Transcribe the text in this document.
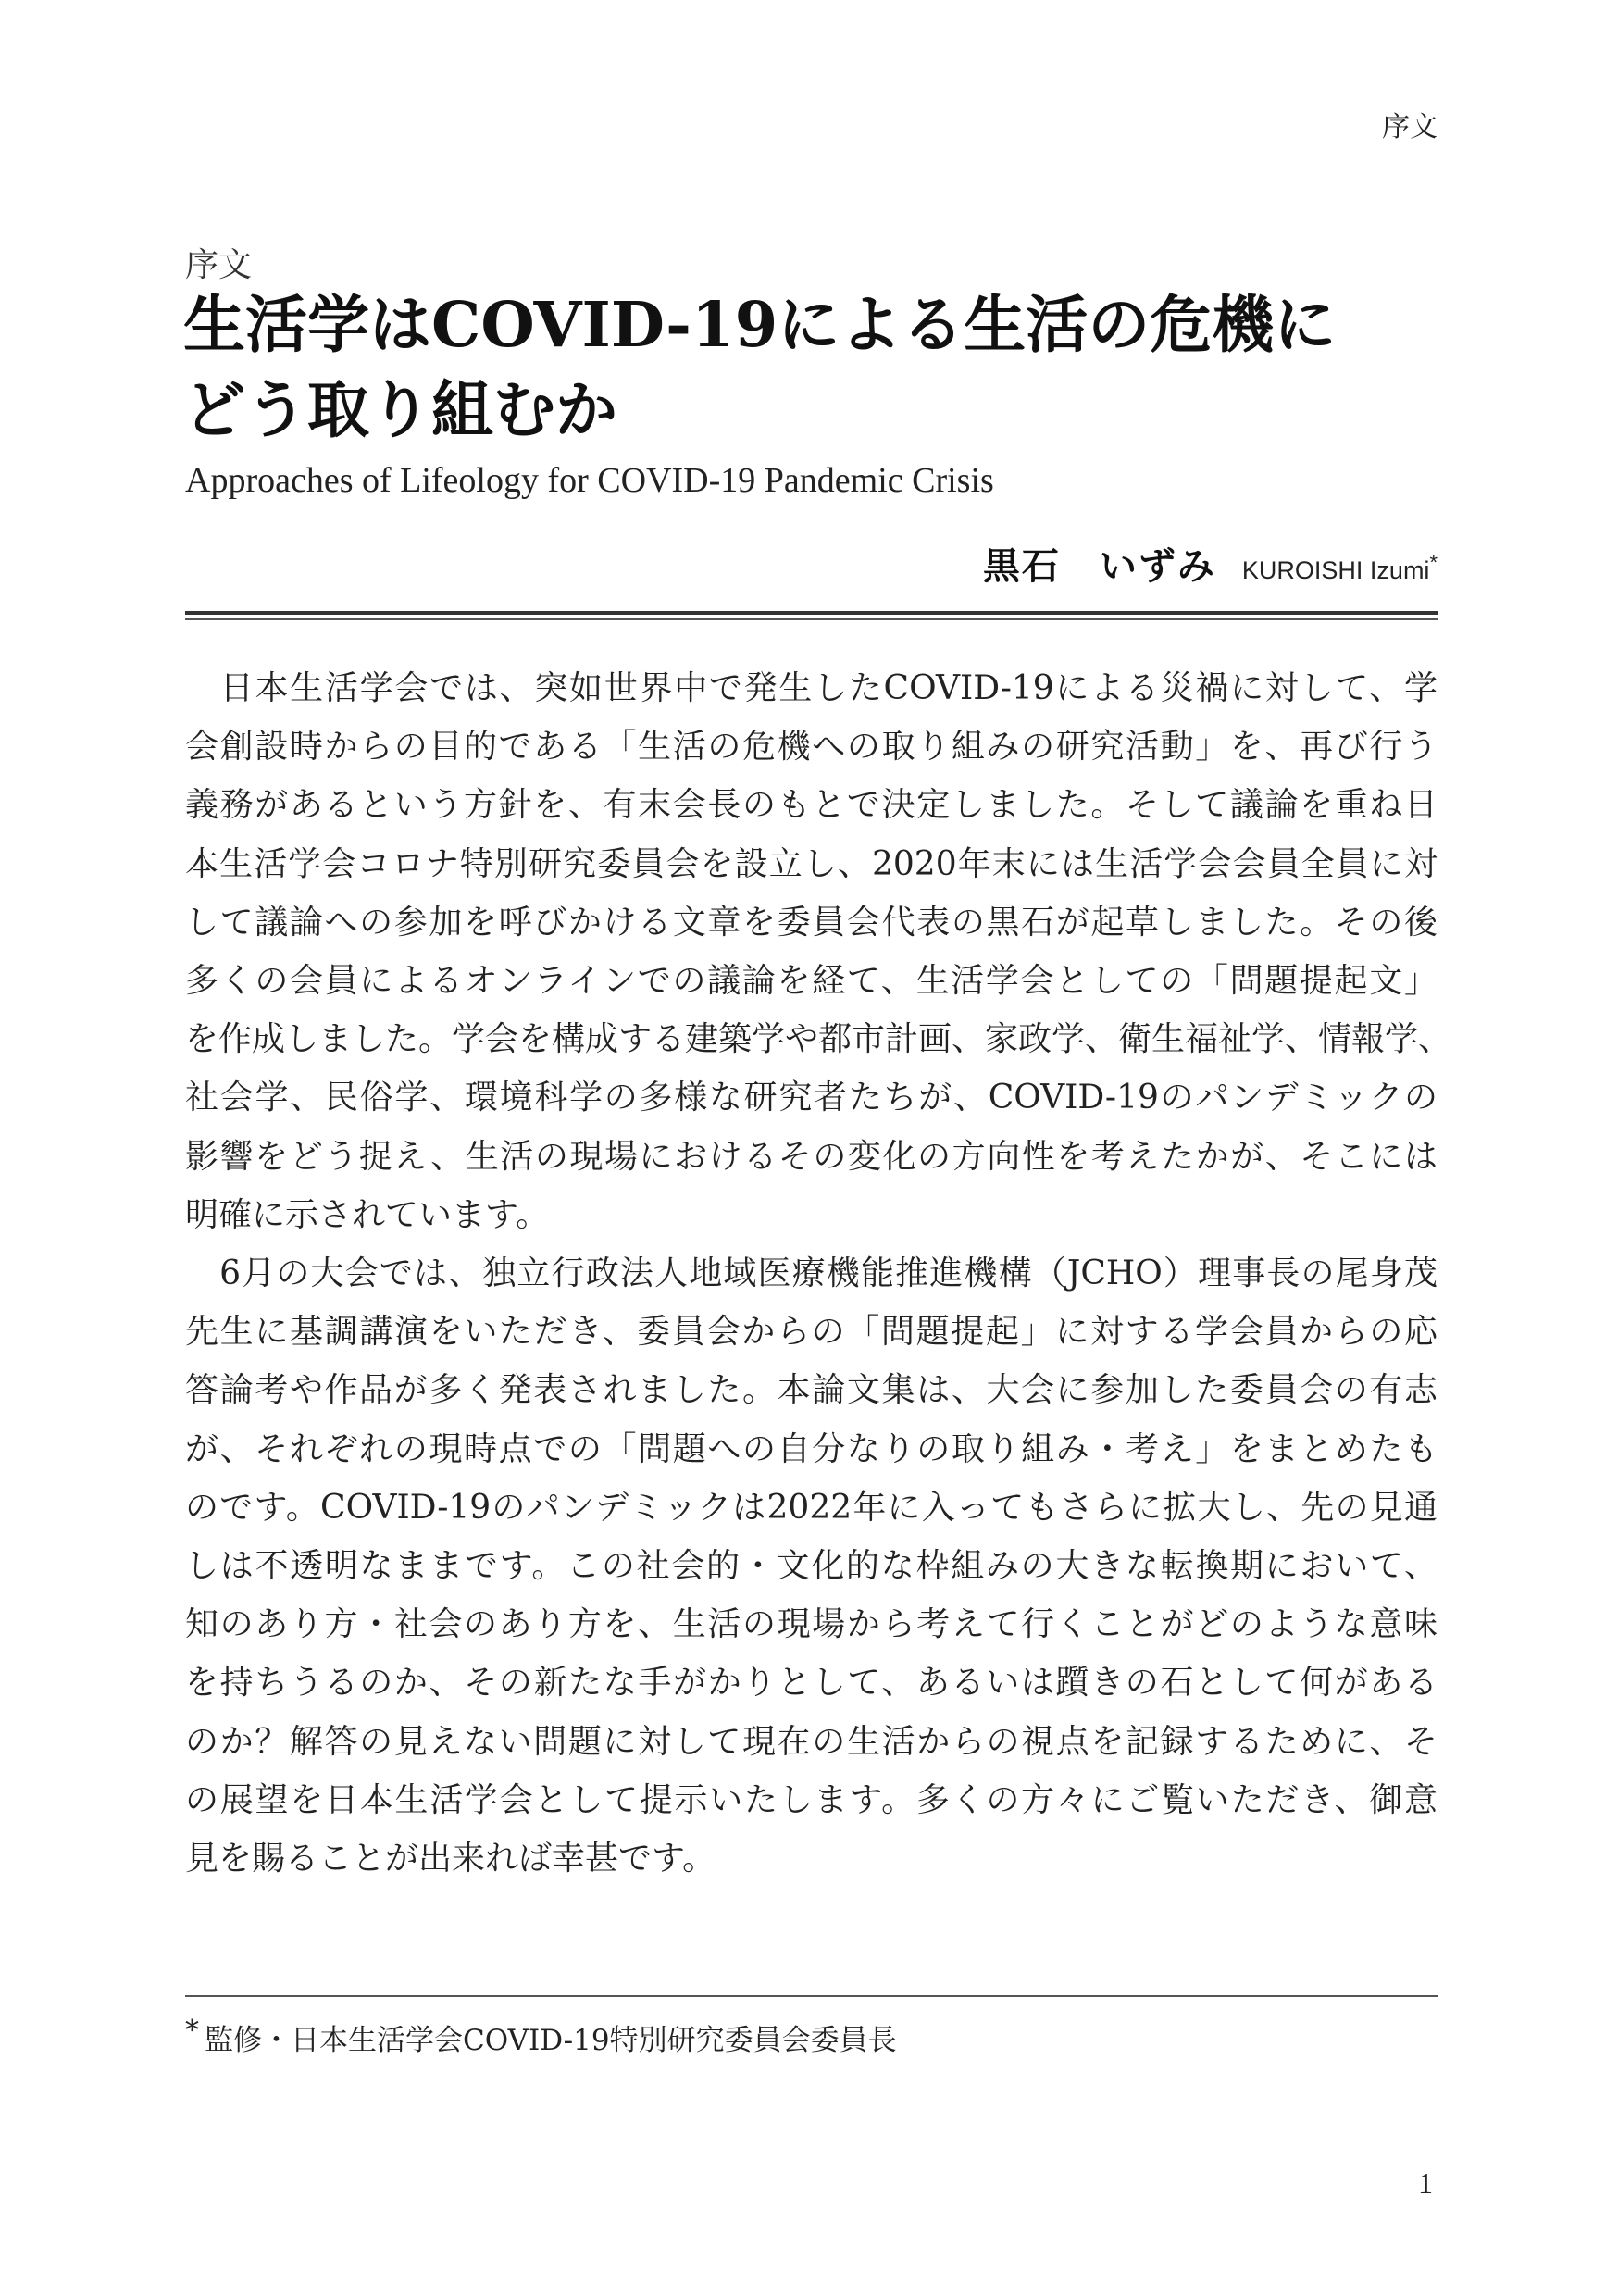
序文
序文
生活学はCOVID-19による生活の危機に
どう取り組むか
Approaches of Lifeology for COVID-19 Pandemic Crisis
黒石　いずみ KUROISHI Izumi*
　日本生活学会では、突如世界中で発生したCOVID-19による災禍に対して、学
会創設時からの目的である「生活の危機への取り組みの研究活動」を、再び行う
義務があるという方針を、有末会長のもとで決定しました。そして議論を重ね日
本生活学会コロナ特別研究委員会を設立し、2020年末には生活学会会員全員に対
して議論への参加を呼びかける文章を委員会代表の黒石が起草しました。その後
多くの会員によるオンラインでの議論を経て、生活学会としての「問題提起文」
を作成しました。学会を構成する建築学や都市計画、家政学、衛生福祉学、情報学、
社会学、民俗学、環境科学の多様な研究者たちが、COVID-19のパンデミックの
影響をどう捉え、生活の現場におけるその変化の方向性を考えたかが、そこには
明確に示されています。
　6月の大会では、独立行政法人地域医療機能推進機構（JCHO）理事長の尾身茂
先生に基調講演をいただき、委員会からの「問題提起」に対する学会員からの応
答論考や作品が多く発表されました。本論文集は、大会に参加した委員会の有志
が、それぞれの現時点での「問題への自分なりの取り組み・考え」をまとめたも
のです。COVID-19のパンデミックは2022年に入ってもさらに拡大し、先の見通
しは不透明なままです。この社会的・文化的な枠組みの大きな転換期において、
知のあり方・社会のあり方を、生活の現場から考えて行くことがどのような意味
を持ちうるのか、その新たな手がかりとして、あるいは躓きの石として何がある
のか？解答の見えない問題に対して現在の生活からの視点を記録するために、そ
の展望を日本生活学会として提示いたします。多くの方々にご覧いただき、御意
見を賜ることが出来れば幸甚です。
* 監修・日本生活学会COVID-19特別研究委員会委員長
1
